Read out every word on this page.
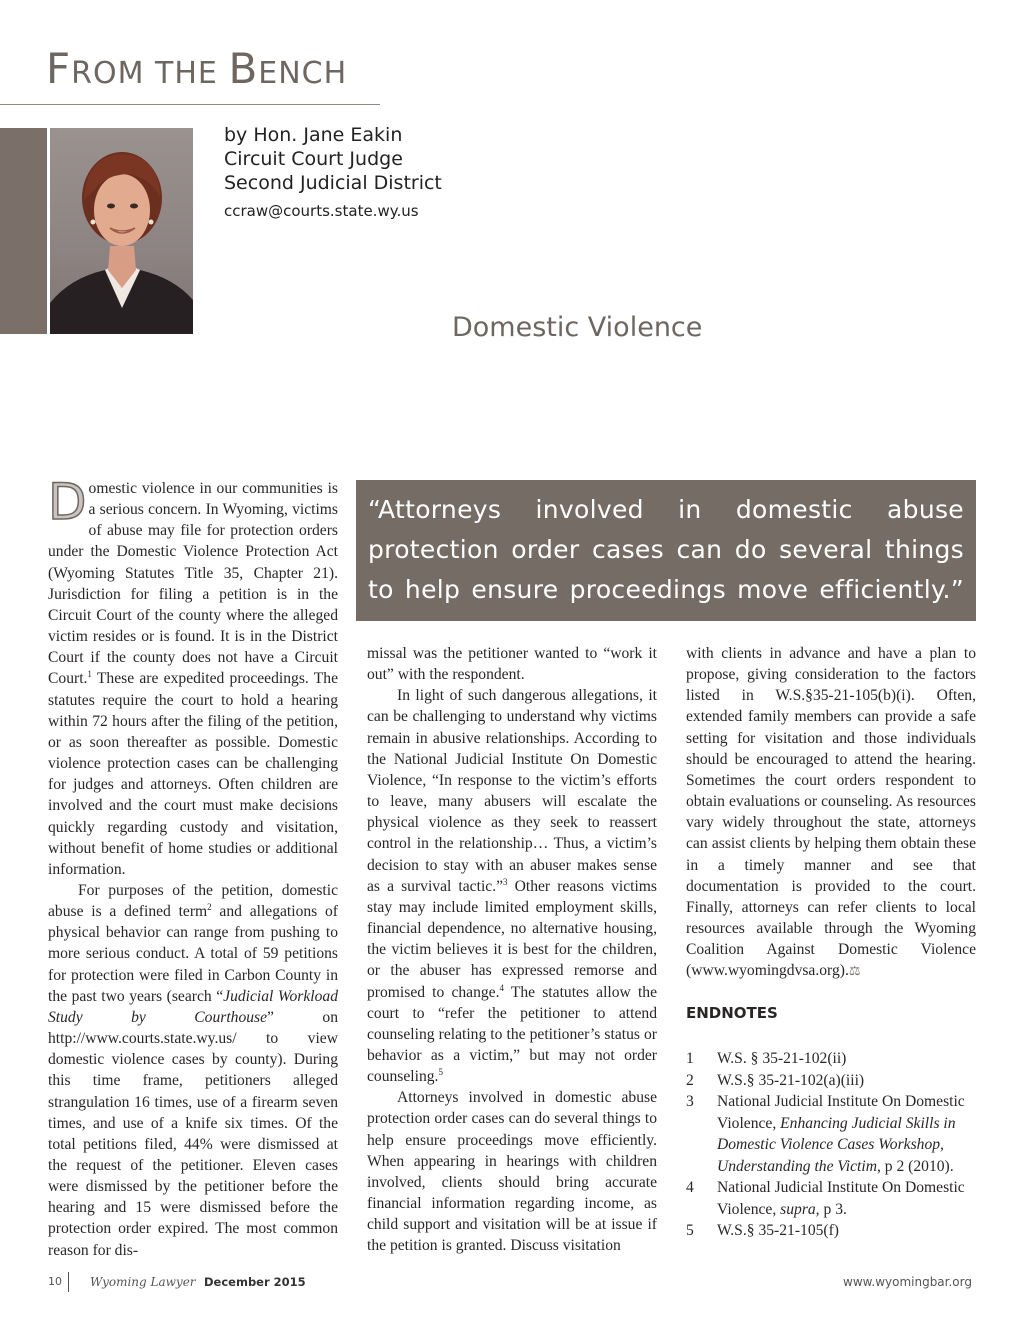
FROM THE BENCH
by Hon. Jane Eakin
Circuit Court Judge
Second Judicial District
ccraw@courts.state.wy.us
Domestic Violence

Domestic violence in our communities is a serious concern. In Wyoming, victims of abuse may file for protection orders under the Domestic Violence Protection Act (Wyoming Statutes Title 35, Chapter 21). Jurisdiction for filing a petition is in the Circuit Court of the county where the alleged victim resides or is found. It is in the District Court if the county does not have a Circuit Court.$^1$ These are expedited proceedings. The statutes require the court to hold a hearing within 72 hours after the filing of the petition, or as soon thereafter as possible. Domestic violence protection cases can be challenging for judges and attorneys. Often children are involved and the court must make decisions quickly regarding custody and visitation, without benefit of home studies or additional information.

For purposes of the petition, domestic abuse is a defined term$^2$ and allegations of physical behavior can range from pushing to more serious conduct. A total of 59 petitions for protection were filed in Carbon County in the past two years (search “Judicial Workload Study by Courthouse” on http://www.courts.state.wy.us/ to view domestic violence cases by county). During this time frame, petitioners alleged strangulation 16 times, use of a firearm seven times, and use of a knife six times. Of the total petitions filed, 44% were dismissed at the request of the petitioner. Eleven cases were dismissed by the petitioner before the hearing and 15 were dismissed before the protection order expired. The most common reason for dis-

“Attorneys involved in domestic abuse protection order cases can do several things to help ensure proceedings move efficiently.”

missal was the petitioner wanted to “work it out” with the respondent.

In light of such dangerous allegations, it can be challenging to understand why victims remain in abusive relationships. According to the National Judicial Institute On Domestic Violence, “In response to the victim’s efforts to leave, many abusers will escalate the physical violence as they seek to reassert control in the relationship… Thus, a victim’s decision to stay with an abuser makes sense as a survival tactic.”$^3$ Other reasons victims stay may include limited employment skills, financial dependence, no alternative housing, the victim believes it is best for the children, or the abuser has expressed remorse and promised to change.$^4$ The statutes allow the court to “refer the petitioner to attend counseling relating to the petitioner’s status or behavior as a victim,” but may not order counseling.$^5$

Attorneys involved in domestic abuse protection order cases can do several things to help ensure proceedings move efficiently. When appearing in hearings with children involved, clients should bring accurate financial information regarding income, as child support and visitation will be at issue if the petition is granted. Discuss visitation

with clients in advance and have a plan to propose, giving consideration to the factors listed in W.S.§35-21-105(b)(i). Often, extended family members can provide a safe setting for visitation and those individuals should be encouraged to attend the hearing. Sometimes the court orders respondent to obtain evaluations or counseling. As resources vary widely throughout the state, attorneys can assist clients by helping them obtain these in a timely manner and see that documentation is provided to the court. Finally, attorneys can refer clients to local resources available through the Wyoming Coalition Against Domestic Violence (www.wyomingdvsa.org).⚖

ENDNOTES
1 W.S. § 35-21-102(ii)
2 W.S.§ 35-21-102(a)(iii)
3 National Judicial Institute On Domestic Violence, Enhancing Judicial Skills in Domestic Violence Cases Workshop, Understanding the Victim, p 2 (2010).
4 National Judicial Institute On Domestic Violence, supra, p 3.
5 W.S.§ 35-21-105(f)
10 Wyoming Lawyer December 2015	www.wyomingbar.org
